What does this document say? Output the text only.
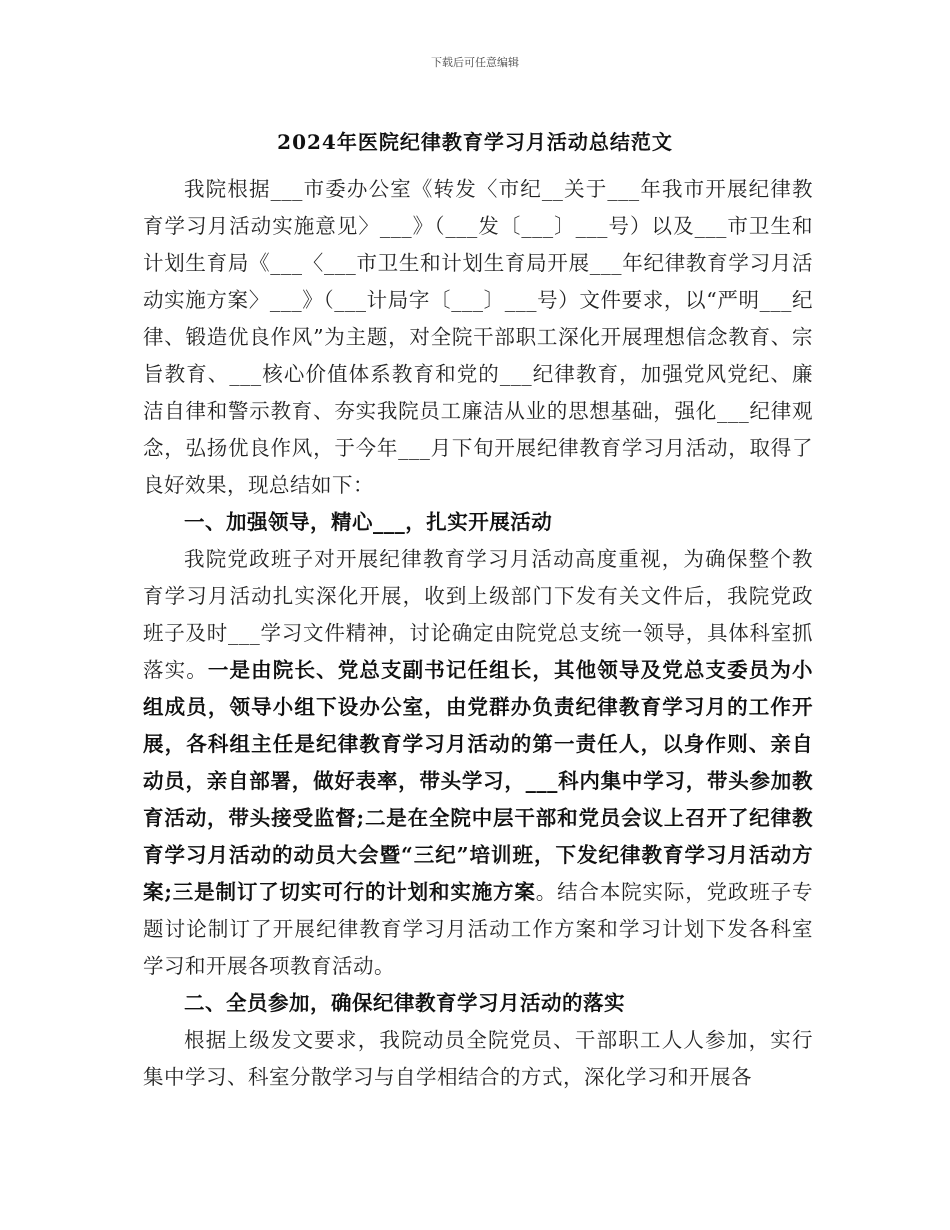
下载后可任意编辑
2024年医院纪律教育学习月活动总结范文

我院根据___市委办公室《转发〈市纪__关于___年我市开展纪律教育学习月活动实施意见〉___》（___发〔___〕___号）以及___市卫生和计划生育局《___〈___市卫生和计划生育局开展___年纪律教育学习月活动实施方案〉___》（___计局字〔___〕___号）文件要求，以“严明___纪律、锻造优良作风”为主题，对全院干部职工深化开展理想信念教育、宗旨教育、___核心价值体系教育和党的___纪律教育，加强党风党纪、廉洁自律和警示教育、夯实我院员工廉洁从业的思想基础，强化___纪律观念，弘扬优良作风，于今年___月下旬开展纪律教育学习月活动，取得了良好效果，现总结如下：

一、加强领导，精心___，扎实开展活动

我院党政班子对开展纪律教育学习月活动高度重视，为确保整个教育学习月活动扎实深化开展，收到上级部门下发有关文件后，我院党政班子及时___学习文件精神，讨论确定由院党总支统一领导，具体科室抓落实。一是由院长、党总支副书记任组长，其他领导及党总支委员为小组成员，领导小组下设办公室，由党群办负责纪律教育学习月的工作开展，各科组主任是纪律教育学习月活动的第一责任人，以身作则、亲自动员，亲自部署，做好表率，带头学习，___科内集中学习，带头参加教育活动，带头接受监督;二是在全院中层干部和党员会议上召开了纪律教育学习月活动的动员大会暨“三纪”培训班，下发纪律教育学习月活动方案;三是制订了切实可行的计划和实施方案。结合本院实际，党政班子专题讨论制订了开展纪律教育学习月活动工作方案和学习计划下发各科室学习和开展各项教育活动。

二、全员参加，确保纪律教育学习月活动的落实

根据上级发文要求，我院动员全院党员、干部职工人人参加，实行集中学习、科室分散学习与自学相结合的方式，深化学习和开展各
